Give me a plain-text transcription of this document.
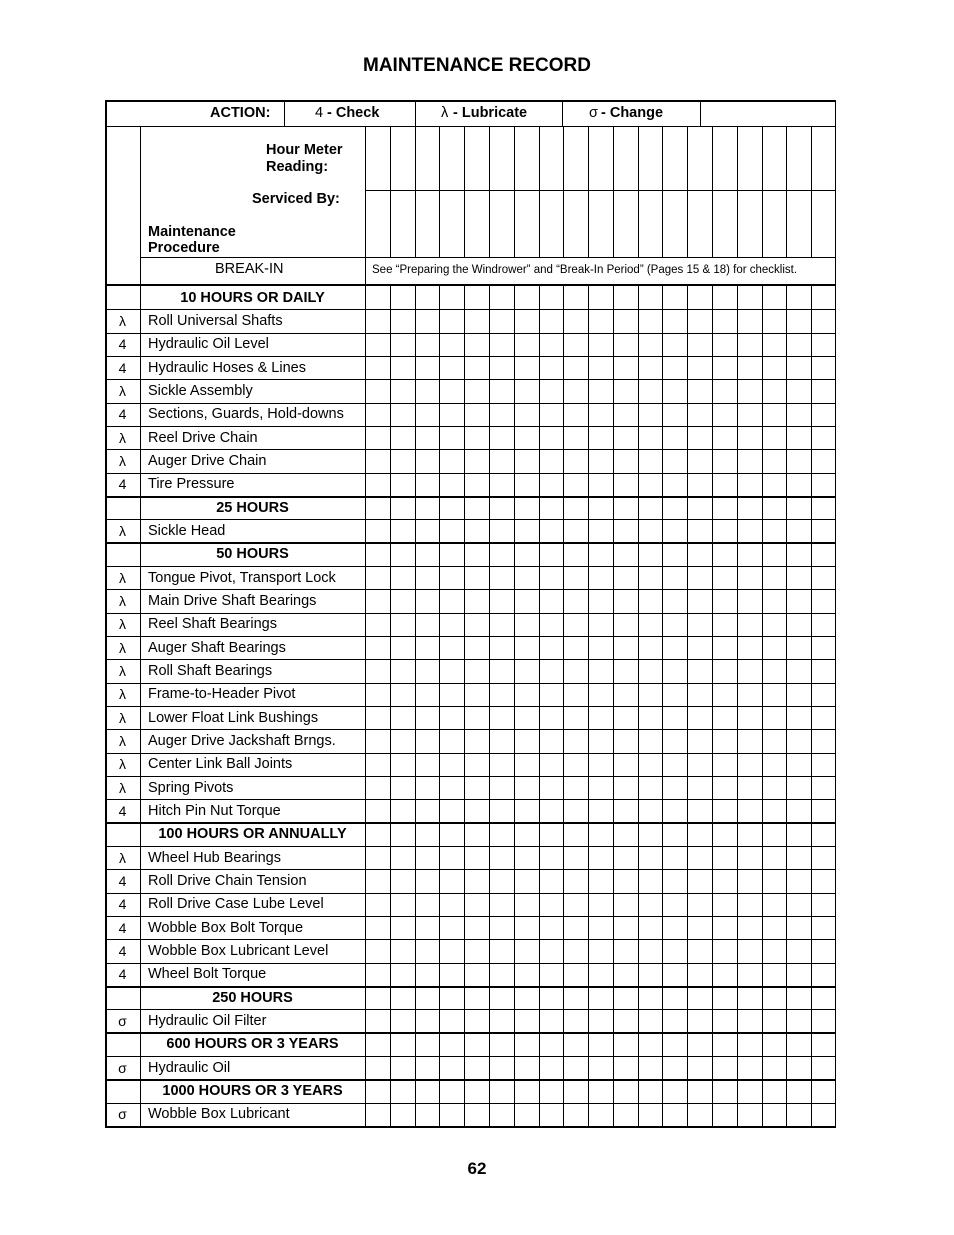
MAINTENANCE RECORD
ACTION:	4 - Check	λ - Lubricate	σ - Change
Hour Meter
Reading:
Serviced By:
Maintenance
Procedure
BREAK-IN	See “Preparing the Windrower” and “Break-In Period” (Pages 15 & 18) for checklist.
10 HOURS OR DAILY
λ	Roll Universal Shafts
4	Hydraulic Oil Level
4	Hydraulic Hoses & Lines
λ	Sickle Assembly
4	Sections, Guards, Hold-downs
λ	Reel Drive Chain
λ	Auger Drive Chain
4	Tire Pressure
25 HOURS
λ	Sickle Head
50 HOURS
λ	Tongue Pivot, Transport Lock
λ	Main Drive Shaft Bearings
λ	Reel Shaft Bearings
λ	Auger Shaft Bearings
λ	Roll Shaft Bearings
λ	Frame-to-Header Pivot
λ	Lower Float Link Bushings
λ	Auger Drive Jackshaft Brngs.
λ	Center Link Ball Joints
λ	Spring Pivots
4	Hitch Pin Nut Torque
100 HOURS OR ANNUALLY
λ	Wheel Hub Bearings
4	Roll Drive Chain Tension
4	Roll Drive Case Lube Level
4	Wobble Box Bolt Torque
4	Wobble Box Lubricant Level
4	Wheel Bolt Torque
250 HOURS
σ	Hydraulic Oil Filter
600 HOURS OR 3 YEARS
σ	Hydraulic Oil
1000 HOURS OR 3 YEARS
σ	Wobble Box Lubricant
62
